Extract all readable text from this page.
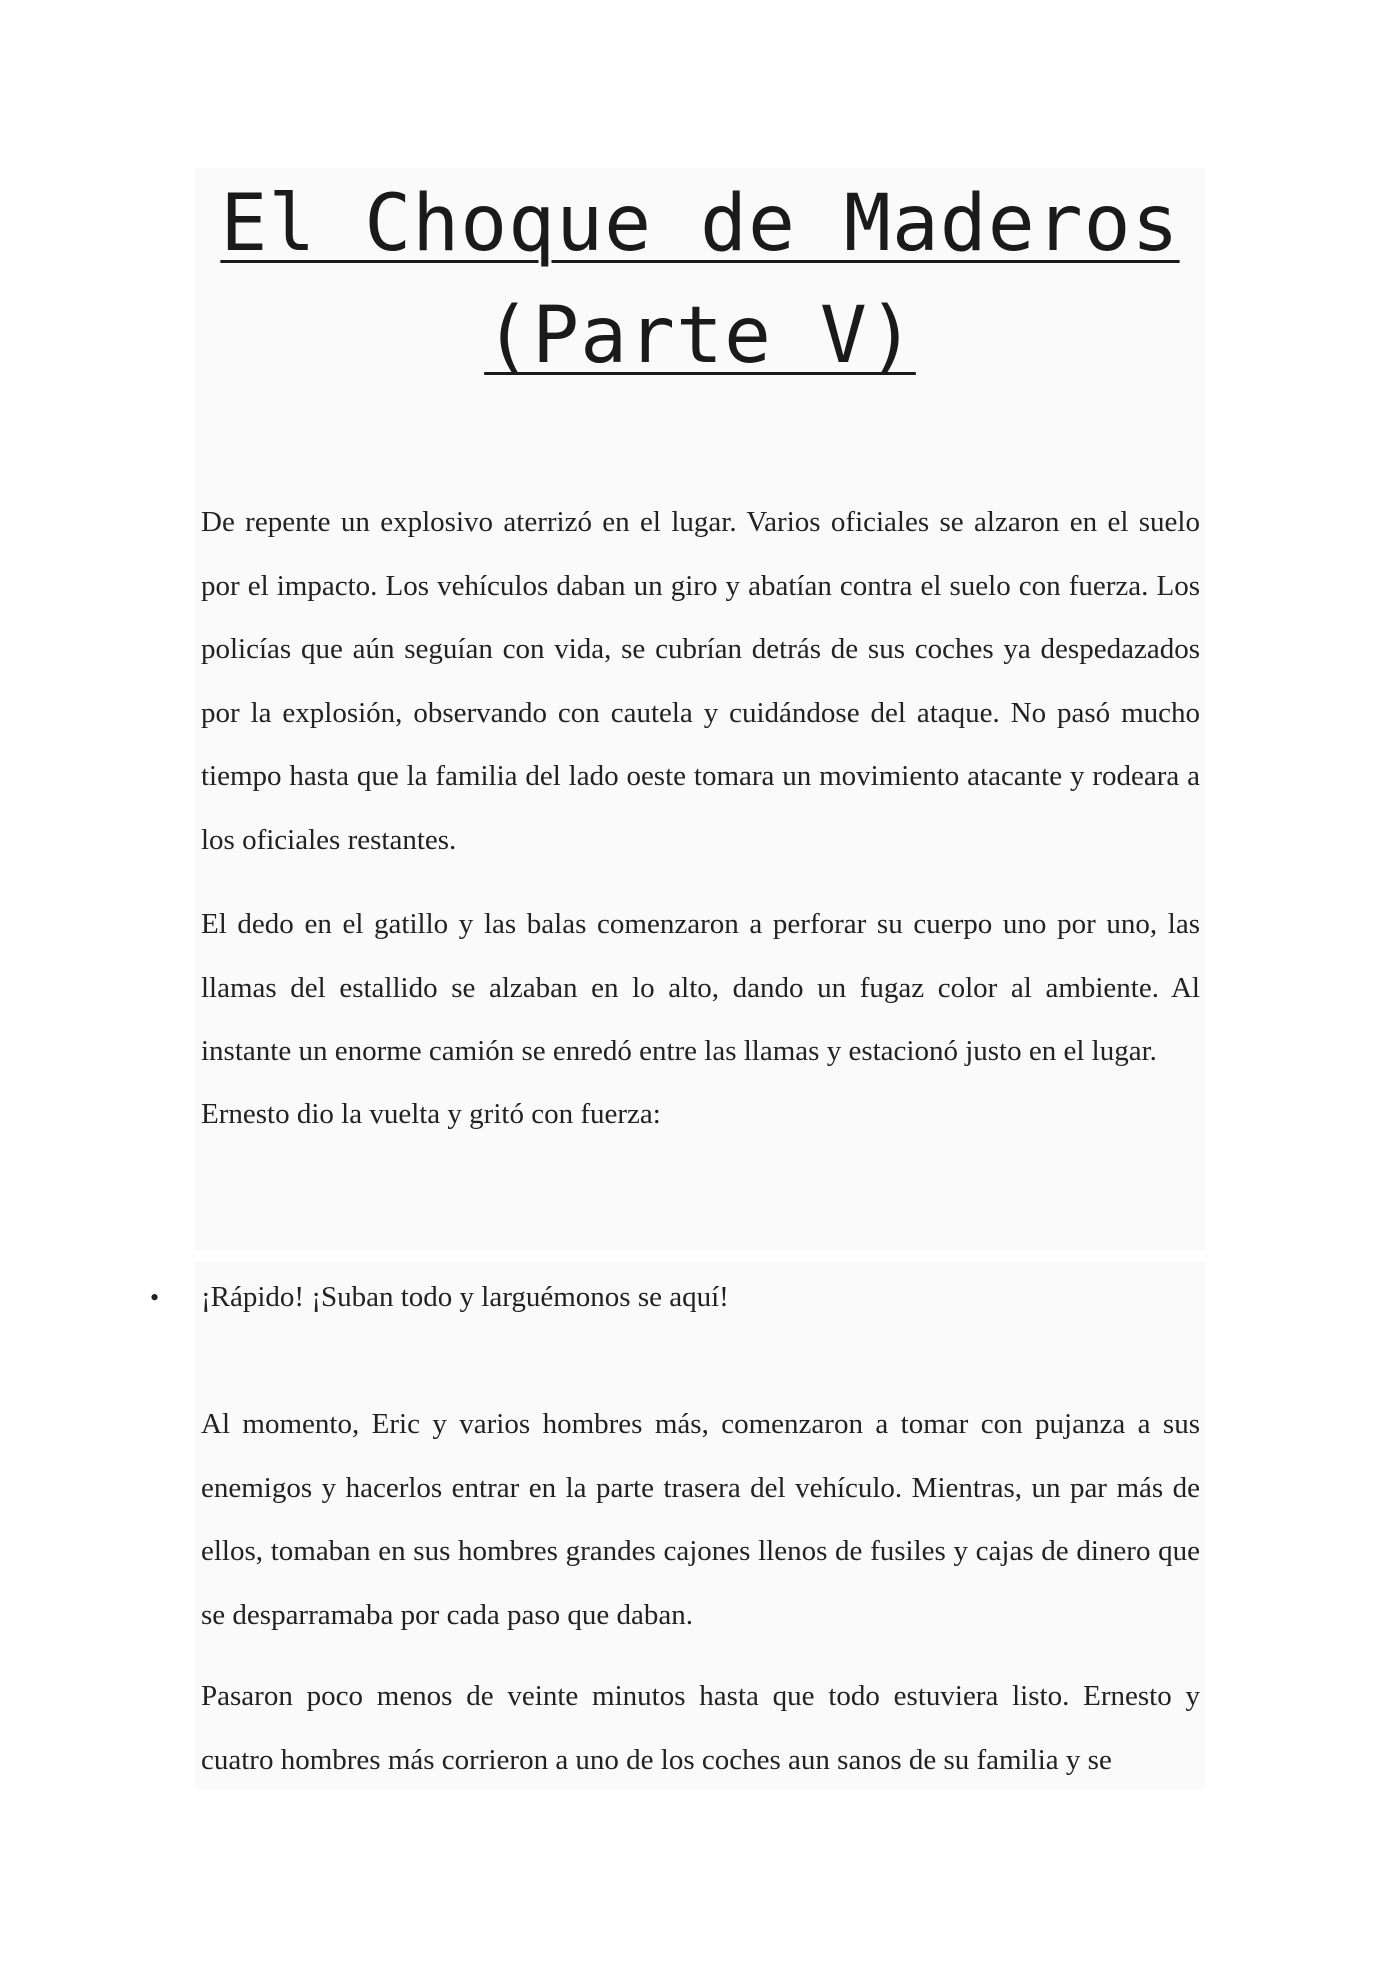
El Choque de Maderos
(Parte V)

De repente un explosivo aterrizó en el lugar. Varios oficiales se alzaron en el suelo por el impacto. Los vehículos daban un giro y abatían contra el suelo con fuerza. Los policías que aún seguían con vida, se cubrían detrás de sus coches ya despedazados por la explosión, observando con cautela y cuidándose del ataque. No pasó mucho tiempo hasta que la familia del lado oeste tomara un movimiento atacante y rodeara a los oficiales restantes.

El dedo en el gatillo y las balas comenzaron a perforar su cuerpo uno por uno, las llamas del estallido se alzaban en lo alto, dando un fugaz color al ambiente. Al instante un enorme camión se enredó entre las llamas y estacionó justo en el lugar.

Ernesto dio la vuelta y gritó con fuerza:

•	¡Rápido! ¡Suban todo y larguémonos se aquí!

Al momento, Eric y varios hombres más, comenzaron a tomar con pujanza a sus enemigos y hacerlos entrar en la parte trasera del vehículo. Mientras, un par más de ellos, tomaban en sus hombres grandes cajones llenos de fusiles y cajas de dinero que se desparramaba por cada paso que daban.

Pasaron poco menos de veinte minutos hasta que todo estuviera listo. Ernesto y cuatro hombres más corrieron a uno de los coches aun sanos de su familia y se
